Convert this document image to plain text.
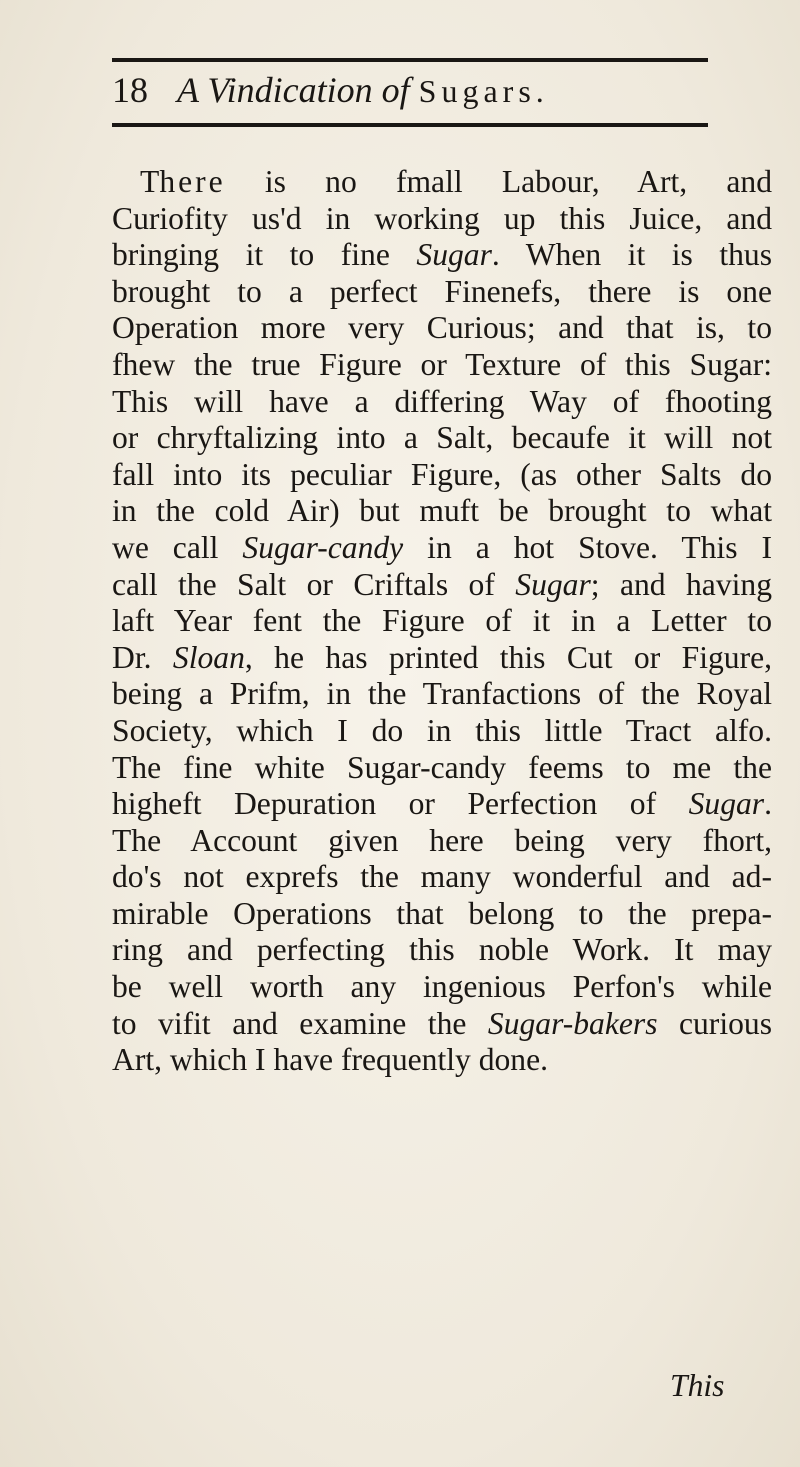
18 A Vindication of Sugars.
There is no fmall Labour, Art, and
Curiofity us'd in working up this Juice, and
bringing it to fine Sugar. When it is thus
brought to a perfect Finenefs, there is one
Operation more very Curious; and that is, to
fhew the true Figure or Texture of this Sugar:
This will have a differing Way of fhooting
or chryftalizing into a Salt, becaufe it will not
fall into its peculiar Figure, (as other Salts do
in the cold Air) but muft be brought to what
we call Sugar-candy in a hot Stove. This I
call the Salt or Criftals of Sugar; and having
laft Year fent the Figure of it in a Letter to
Dr. Sloan, he has printed this Cut or Figure,
being a Prifm, in the Tranfactions of the Royal
Society, which I do in this little Tract alfo.
The fine white Sugar-candy feems to me the
higheft Depuration or Perfection of Sugar.
The Account given here being very fhort,
do's not exprefs the many wonderful and ad-
mirable Operations that belong to the prepa-
ring and perfecting this noble Work. It may
be well worth any ingenious Perfon's while
to vifit and examine the Sugar-bakers curious
Art, which I have frequently done.
This
